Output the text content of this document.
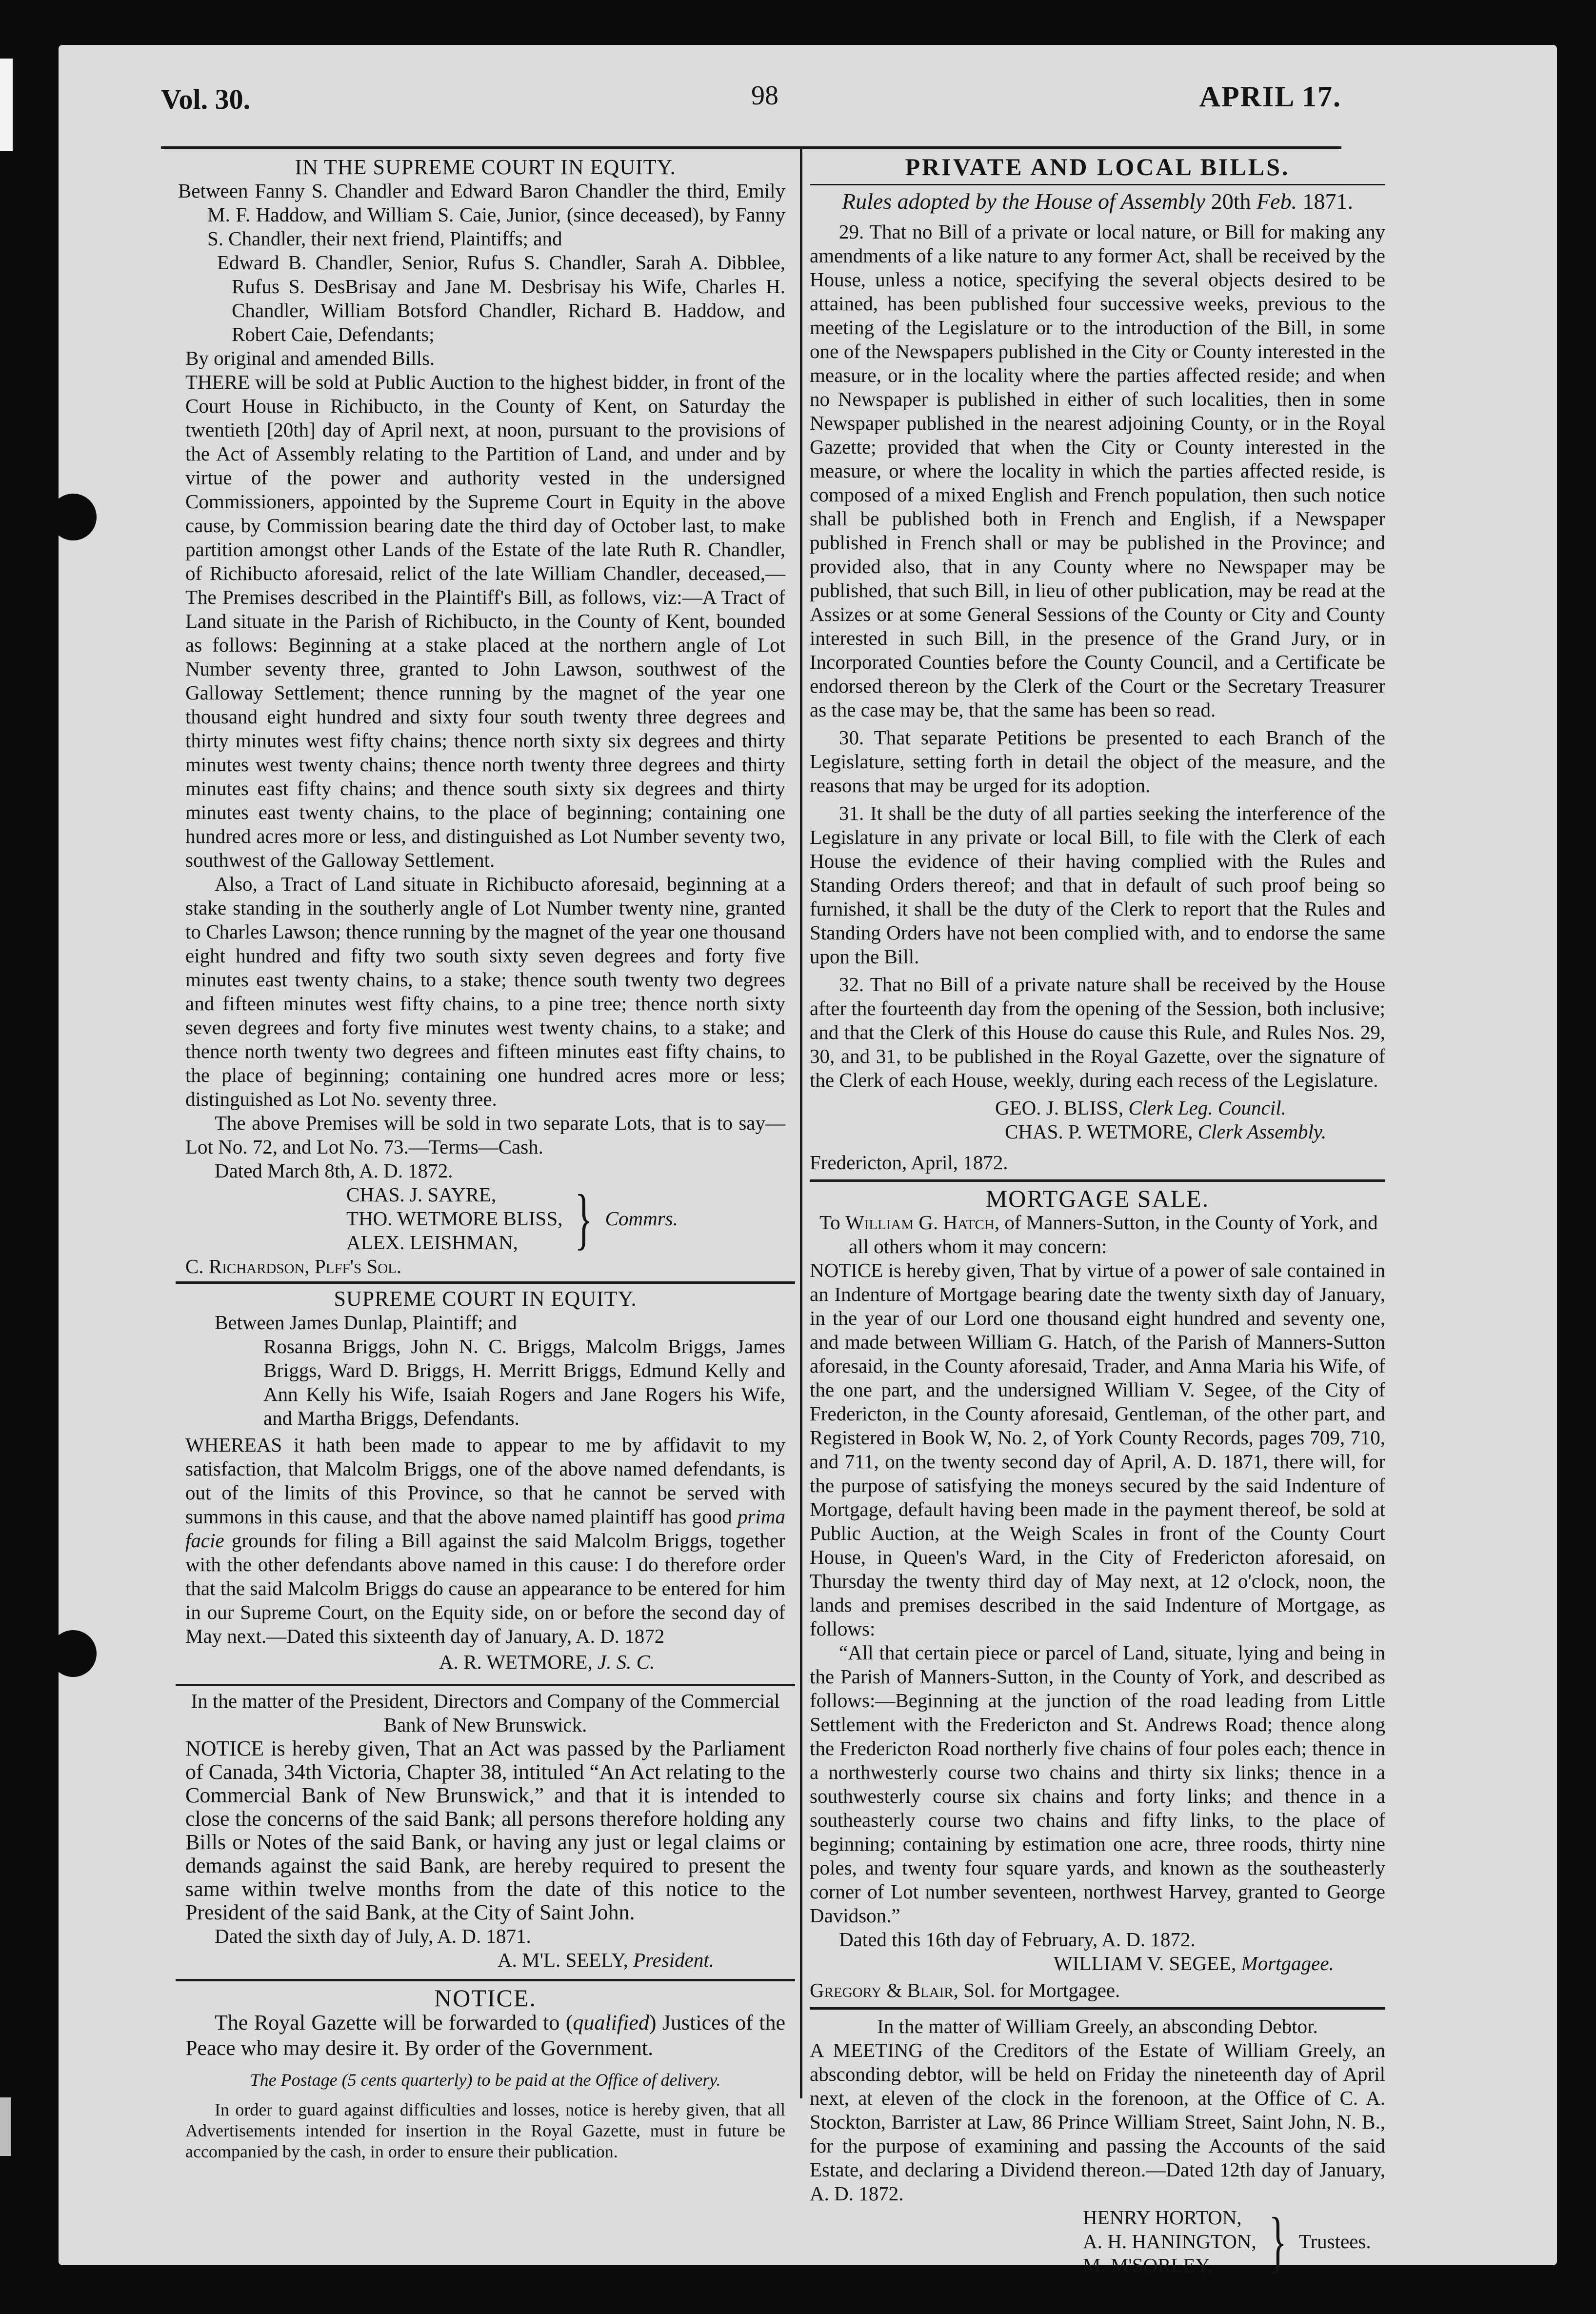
Vol. 30.	98	APRIL 17.

IN THE SUPREME COURT IN EQUITY.

Between Fanny S. Chandler and Edward Baron Chandler the third, Emily M. F. Haddow, and William S. Caie, Junior, (since deceased), by Fanny S. Chandler, their next friend, Plaintiffs; and

Edward B. Chandler, Senior, Rufus S. Chandler, Sarah A. Dibblee, Rufus S. DesBrisay and Jane M. Desbrisay his Wife, Charles H. Chandler, William Botsford Chandler, Richard B. Haddow, and Robert Caie, Defendants;

By original and amended Bills.

THERE will be sold at Public Auction to the highest bidder, in front of the Court House in Richibucto, in the County of Kent, on Saturday the twentieth [20th] day of April next, at noon, pursuant to the provisions of the Act of Assembly relating to the Partition of Land, and under and by virtue of the power and authority vested in the undersigned Commissioners, appointed by the Supreme Court in Equity in the above cause, by Commission bearing date the third day of October last, to make partition amongst other Lands of the Estate of the late Ruth R. Chandler, of Richibucto aforesaid, relict of the late William Chandler, deceased,—The Premises described in the Plaintiff's Bill, as follows, viz:—A Tract of Land situate in the Parish of Richibucto, in the County of Kent, bounded as follows: Beginning at a stake placed at the northern angle of Lot Number seventy three, granted to John Lawson, southwest of the Galloway Settlement; thence running by the magnet of the year one thousand eight hundred and sixty four south twenty three degrees and thirty minutes west fifty chains; thence north sixty six degrees and thirty minutes west twenty chains; thence north twenty three degrees and thirty minutes east fifty chains; and thence south sixty six degrees and thirty minutes east twenty chains, to the place of beginning; containing one hundred acres more or less, and distinguished as Lot Number seventy two, southwest of the Galloway Settlement.

Also, a Tract of Land situate in Richibucto aforesaid, beginning at a stake standing in the southerly angle of Lot Number twenty nine, granted to Charles Lawson; thence running by the magnet of the year one thousand eight hundred and fifty two south sixty seven degrees and forty five minutes east twenty chains, to a stake; thence south twenty two degrees and fifteen minutes west fifty chains, to a pine tree; thence north sixty seven degrees and forty five minutes west twenty chains, to a stake; and thence north twenty two degrees and fifteen minutes east fifty chains, to the place of beginning; containing one hundred acres more or less; distinguished as Lot No. seventy three.

The above Premises will be sold in two separate Lots, that is to say—Lot No. 72, and Lot No. 73.—Terms—Cash.

Dated March 8th, A. D. 1872.

CHAS. J. SAYRE,

THO. WETMORE BLISS,

ALEX. LEISHMAN, } Commrs.

C. Richardson, Plff's Sol.

SUPREME COURT IN EQUITY.

Between James Dunlap, Plaintiff; and

Rosanna Briggs, John N. C. Briggs, Malcolm Briggs, James Briggs, Ward D. Briggs, H. Merritt Briggs, Edmund Kelly and Ann Kelly his Wife, Isaiah Rogers and Jane Rogers his Wife, and Martha Briggs, Defendants.

WHEREAS it hath been made to appear to me by affidavit to my satisfaction, that Malcolm Briggs, one of the above named defendants, is out of the limits of this Province, so that he cannot be served with summons in this cause, and that the above named plaintiff has good prima facie grounds for filing a Bill against the said Malcolm Briggs, together with the other defendants above named in this cause: I do therefore order that the said Malcolm Briggs do cause an appearance to be entered for him in our Supreme Court, on the Equity side, on or before the second day of May next.—Dated this sixteenth day of January, A. D. 1872

A. R. WETMORE, J. S. C.

In the matter of the President, Directors and Company of the Commercial Bank of New Brunswick.

NOTICE is hereby given, That an Act was passed by the Parliament of Canada, 34th Victoria, Chapter 38, intituled “An Act relating to the Commercial Bank of New Brunswick,” and that it is intended to close the concerns of the said Bank; all persons therefore holding any Bills or Notes of the said Bank, or having any just or legal claims or demands against the said Bank, are hereby required to present the same within twelve months from the date of this notice to the President of the said Bank, at the City of Saint John.

Dated the sixth day of July, A. D. 1871.

A. M'L. SEELY, President.

NOTICE.

The Royal Gazette will be forwarded to (qualified) Justices of the Peace who may desire it. By order of the Government.

The Postage (5 cents quarterly) to be paid at the Office of delivery.

In order to guard against difficulties and losses, notice is hereby given, that all Advertisements intended for insertion in the Royal Gazette, must in future be accompanied by the cash, in order to ensure their publication.

PRIVATE AND LOCAL BILLS.

Rules adopted by the House of Assembly 20th Feb. 1871.

29. That no Bill of a private or local nature, or Bill for making any amendments of a like nature to any former Act, shall be received by the House, unless a notice, specifying the several objects desired to be attained, has been published four successive weeks, previous to the meeting of the Legislature or to the introduction of the Bill, in some one of the Newspapers published in the City or County interested in the measure, or in the locality where the parties affected reside; and when no Newspaper is published in either of such localities, then in some Newspaper published in the nearest adjoining County, or in the Royal Gazette; provided that when the City or County interested in the measure, or where the locality in which the parties affected reside, is composed of a mixed English and French population, then such notice shall be published both in French and English, if a Newspaper published in French shall or may be published in the Province; and provided also, that in any County where no Newspaper may be published, that such Bill, in lieu of other publication, may be read at the Assizes or at some General Sessions of the County or City and County interested in such Bill, in the presence of the Grand Jury, or in Incorporated Counties before the County Council, and a Certificate be endorsed thereon by the Clerk of the Court or the Secretary Treasurer as the case may be, that the same has been so read.

30. That separate Petitions be presented to each Branch of the Legislature, setting forth in detail the object of the measure, and the reasons that may be urged for its adoption.

31. It shall be the duty of all parties seeking the interference of the Legislature in any private or local Bill, to file with the Clerk of each House the evidence of their having complied with the Rules and Standing Orders thereof; and that in default of such proof being so furnished, it shall be the duty of the Clerk to report that the Rules and Standing Orders have not been complied with, and to endorse the same upon the Bill.

32. That no Bill of a private nature shall be received by the House after the fourteenth day from the opening of the Session, both inclusive; and that the Clerk of this House do cause this Rule, and Rules Nos. 29, 30, and 31, to be published in the Royal Gazette, over the signature of the Clerk of each House, weekly, during each recess of the Legislature.

GEO. J. BLISS, Clerk Leg. Council.

CHAS. P. WETMORE, Clerk Assembly.

Fredericton, April, 1872.

MORTGAGE SALE.

To William G. Hatch, of Manners-Sutton, in the County of York, and all others whom it may concern:

NOTICE is hereby given, That by virtue of a power of sale contained in an Indenture of Mortgage bearing date the twenty sixth day of January, in the year of our Lord one thousand eight hundred and seventy one, and made between William G. Hatch, of the Parish of Manners-Sutton aforesaid, in the County aforesaid, Trader, and Anna Maria his Wife, of the one part, and the undersigned William V. Segee, of the City of Fredericton, in the County aforesaid, Gentleman, of the other part, and Registered in Book W, No. 2, of York County Records, pages 709, 710, and 711, on the twenty second day of April, A. D. 1871, there will, for the purpose of satisfying the moneys secured by the said Indenture of Mortgage, default having been made in the payment thereof, be sold at Public Auction, at the Weigh Scales in front of the County Court House, in Queen's Ward, in the City of Fredericton aforesaid, on Thursday the twenty third day of May next, at 12 o'clock, noon, the lands and premises described in the said Indenture of Mortgage, as follows:

“All that certain piece or parcel of Land, situate, lying and being in the Parish of Manners-Sutton, in the County of York, and described as follows:—Beginning at the junction of the road leading from Little Settlement with the Fredericton and St. Andrews Road; thence along the Fredericton Road northerly five chains of four poles each; thence in a northwesterly course two chains and thirty six links; thence in a southwesterly course six chains and forty links; and thence in a southeasterly course two chains and fifty links, to the place of beginning; containing by estimation one acre, three roods, thirty nine poles, and twenty four square yards, and known as the southeasterly corner of Lot number seventeen, northwest Harvey, granted to George Davidson.”

Dated this 16th day of February, A. D. 1872.

WILLIAM V. SEGEE, Mortgagee.

Gregory & Blair, Sol. for Mortgagee.

In the matter of William Greely, an absconding Debtor.

A MEETING of the Creditors of the Estate of William Greely, an absconding debtor, will be held on Friday the nineteenth day of April next, at eleven of the clock in the forenoon, at the Office of C. A. Stockton, Barrister at Law, 86 Prince William Street, Saint John, N. B., for the purpose of examining and passing the Accounts of the said Estate, and declaring a Dividend thereon.—Dated 12th day of January, A. D. 1872.

HENRY HORTON,

A. H. HANINGTON,

M. M'SORLEY, } Trustees.
